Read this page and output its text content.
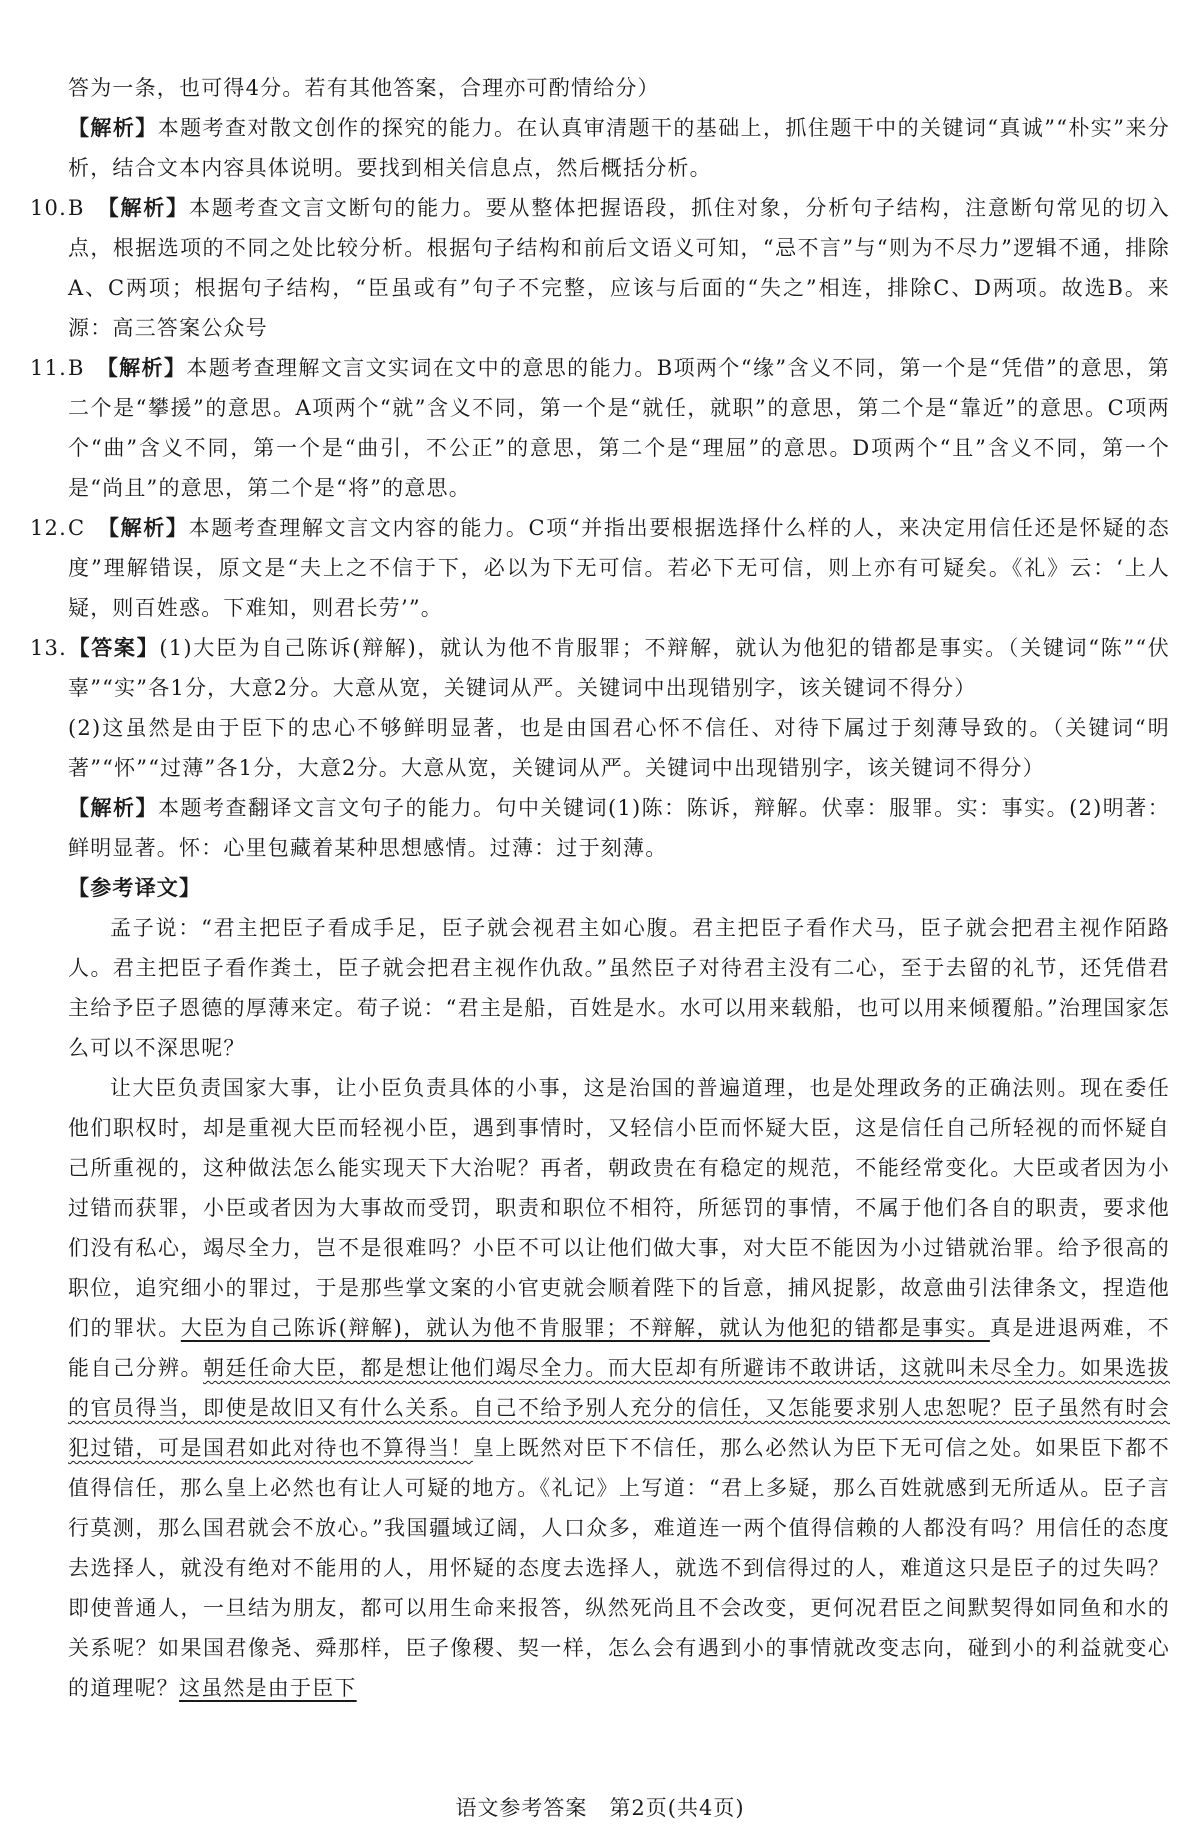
答为一条，也可得4分。若有其他答案，合理亦可酌情给分）

【解析】本题考查对散文创作的探究的能力。在认真审清题干的基础上，抓住题干中的关键词“真诚”“朴实”来分析，结合文本内容具体说明。要找到相关信息点，然后概括分析。

10.B　 【解析】本题考查文言文断句的能力。要从整体把握语段，抓住对象，分析句子结构，注意断句常见的切入点，根据选项的不同之处比较分析。根据句子结构和前后文语义可知，“忌不言”与“则为不尽力”逻辑不通，排除A、C两项；根据句子结构，“臣虽或有”句子不完整，应该与后面的“失之”相连，排除C、D两项。故选B。来源：高三答案公众号

11.B　 【解析】本题考查理解文言文实词在文中的意思的能力。B项两个“缘”含义不同，第一个是“凭借”的意思，第二个是“攀援”的意思。A项两个“就”含义不同，第一个是“就任，就职”的意思，第二个是“靠近”的意思。C项两个“曲”含义不同，第一个是“曲引，不公正”的意思，第二个是“理屈”的意思。D项两个“且”含义不同，第一个是“尚且”的意思，第二个是“将”的意思。

12.C　 【解析】本题考查理解文言文内容的能力。C项“并指出要根据选择什么样的人，来决定用信任还是怀疑的态度”理解错误，原文是“夫上之不信于下，必以为下无可信。若必下无可信，则上亦有可疑矣。《礼》云：‘上人疑，则百姓惑。下难知，则君长劳’”。

13.【答案】(1)大臣为自己陈诉(辩解)，就认为他不肯服罪；不辩解，就认为他犯的错都是事实。（关键词“陈”“伏辜”“实”各1分，大意2分。大意从宽，关键词从严。关键词中出现错别字，该关键词不得分）

(2)这虽然是由于臣下的忠心不够鲜明显著，也是由国君心怀不信任、对待下属过于刻薄导致的。（关键词“明著”“怀”“过薄”各1分，大意2分。大意从宽，关键词从严。关键词中出现错别字，该关键词不得分）

【解析】本题考查翻译文言文句子的能力。句中关键词(1)陈：陈诉，辩解。伏辜：服罪。实：事实。(2)明著：鲜明显著。怀：心里包藏着某种思想感情。过薄：过于刻薄。

【参考译文】

孟子说：“君主把臣子看成手足，臣子就会视君主如心腹。君主把臣子看作犬马，臣子就会把君主视作陌路人。君主把臣子看作粪土，臣子就会把君主视作仇敌。”虽然臣子对待君主没有二心，至于去留的礼节，还凭借君主给予臣子恩德的厚薄来定。荀子说：“君主是船，百姓是水。水可以用来载船，也可以用来倾覆船。”治理国家怎么可以不深思呢？

让大臣负责国家大事，让小臣负责具体的小事，这是治国的普遍道理，也是处理政务的正确法则。现在委任他们职权时，却是重视大臣而轻视小臣，遇到事情时，又轻信小臣而怀疑大臣，这是信任自己所轻视的而怀疑自己所重视的，这种做法怎么能实现天下大治呢？再者，朝政贵在有稳定的规范，不能经常变化。大臣或者因为小过错而获罪，小臣或者因为大事故而受罚，职责和职位不相符，所惩罚的事情，不属于他们各自的职责，要求他们没有私心，竭尽全力，岂不是很难吗？小臣不可以让他们做大事，对大臣不能因为小过错就治罪。给予很高的职位，追究细小的罪过，于是那些掌文案的小官吏就会顺着陛下的旨意，捕风捉影，故意曲引法律条文，捏造他们的罪状。大臣为自己陈诉(辩解)，就认为他不肯服罪；不辩解，就认为他犯的错都是事实。真是进退两难，不能自己分辨。朝廷任命大臣，都是想让他们竭尽全力。而大臣却有所避讳不敢讲话，这就叫未尽全力。如果选拔的官员得当，即使是故旧又有什么关系。自己不给予别人充分的信任，又怎能要求别人忠恕呢？臣子虽然有时会犯过错，可是国君如此对待也不算得当！皇上既然对臣下不信任，那么必然认为臣下无可信之处。如果臣下都不值得信任，那么皇上必然也有让人可疑的地方。《礼记》上写道：“君上多疑，那么百姓就感到无所适从。臣子言行莫测，那么国君就会不放心。”我国疆域辽阔，人口众多，难道连一两个值得信赖的人都没有吗？用信任的态度去选择人，就没有绝对不能用的人，用怀疑的态度去选择人，就选不到信得过的人，难道这只是臣子的过失吗？即使普通人，一旦结为朋友，都可以用生命来报答，纵然死尚且不会改变，更何况君臣之间默契得如同鱼和水的关系呢？如果国君像尧、舜那样，臣子像稷、契一样，怎么会有遇到小的事情就改变志向，碰到小的利益就变心的道理呢？这虽然是由于臣下

语文参考答案　第2页(共4页)
